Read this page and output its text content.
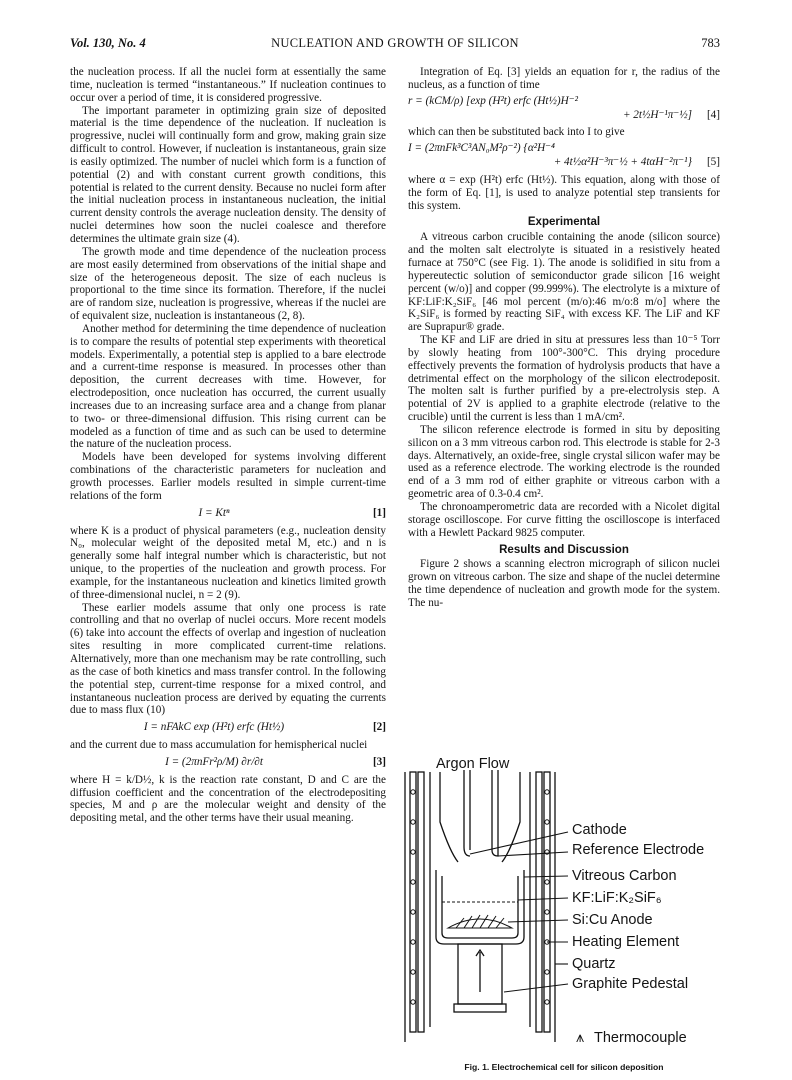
Vol. 130, No. 4	NUCLEATION AND GROWTH OF SILICON	783

the nucleation process. If all the nuclei form at essentially the same time, nucleation is termed “instantaneous.” If nucleation continues to occur over a period of time, it is considered progressive.

The important parameter in optimizing grain size of deposited material is the time dependence of the nucleation. If nucleation is progressive, nuclei will continually form and grow, making grain size difficult to control. However, if nucleation is instantaneous, grain size is easily optimized. The number of nuclei which form is a function of potential (2) and with constant current growth conditions, this potential is related to the current density. Because no nuclei form after the initial nucleation process in instantaneous nucleation, the initial current density controls the average nucleation density. The density of nuclei determines how soon the nuclei coalesce and therefore determines the ultimate grain size (4).

The growth mode and time dependence of the nucleation process are most easily determined from observations of the initial shape and size of the heterogeneous deposit. The size of each nucleus is proportional to the time since its formation. Therefore, if the nuclei are of random size, nucleation is progressive, whereas if the nuclei are of equivalent size, nucleation is instantaneous (2, 8).

Another method for determining the time dependence of nucleation is to compare the results of potential step experiments with theoretical models. Experimentally, a potential step is applied to a bare electrode and a current-time response is measured. In processes other than deposition, the current decreases with time. However, for electrodeposition, once nucleation has occurred, the current usually increases due to an increasing surface area and a change from planar to two- or three-dimensional diffusion. This rising current can be modeled as a function of time and as such can be used to determine the nature of the nucleation process.

Models have been developed for systems involving different combinations of the characteristic parameters for nucleation and growth processes. Earlier models resulted in simple current-time relations of the form

I = Ktⁿ	[1]

where K is a product of physical parameters (e.g., nucleation density N₀, molecular weight of the deposited metal M, etc.) and n is generally some half integral number which is characteristic, but not unique, to the properties of the nucleation and growth process. For example, for the instantaneous nucleation and kinetics limited growth of three-dimensional nuclei, n = 2 (9).

These earlier models assume that only one process is rate controlling and that no overlap of nuclei occurs. More recent models (6) take into account the effects of overlap and ingestion of nucleation sites resulting in more complicated current-time relations. Alternatively, more than one mechanism may be rate controlling, such as the case of both kinetics and mass transfer control. In the following the potential step, current-time response for a mixed control, and instantaneous nucleation process are derived by equating the currents due to mass flux (10)

I = nFAkC exp (H²t) erfc (Ht½)	[2]

and the current due to mass accumulation for hemispherical nuclei

I = (2πnFr²ρ/M) ∂r/∂t	[3]

where H = k/D½, k is the reaction rate constant, D and C are the diffusion coefficient and the concentration of the electrodepositing species, M and ρ are the molecular weight and density of the depositing metal, and the other terms have their usual meaning.

Integration of Eq. [3] yields an equation for r, the radius of the nucleus, as a function of time

r = (kCM/ρ) [exp (H²t) erfc (Ht½)H⁻²
+ 2t½H⁻¹π⁻½]	[4]

which can then be substituted back into I to give

I = (2πnFk³C³AN₀M²ρ⁻²) {α²H⁻⁴
+ 4t½α²H⁻³π⁻½ + 4tαH⁻²π⁻¹}	[5]

where α = exp (H²t) erfc (Ht½). This equation, along with those of the form of Eq. [1], is used to analyze potential step transients for this system.

Experimental

A vitreous carbon crucible containing the anode (silicon source) and the molten salt electrolyte is situated in a resistively heated furnace at 750°C (see Fig. 1). The anode is solidified in situ from a hypereutectic solution of semiconductor grade silicon [16 weight percent (w/o)] and copper (99.999%). The electrolyte is a mixture of KF:LiF:K₂SiF₆ [46 mol percent (m/o):46 m/o:8 m/o] where the K₂SiF₆ is formed by reacting SiF₄ with excess KF. The LiF and KF are Suprapur® grade.

The KF and LiF are dried in situ at pressures less than 10⁻⁵ Torr by slowly heating from 100°-300°C. This drying procedure effectively prevents the formation of hydrolysis products that have a detrimental effect on the morphology of the silicon electrodeposit. The molten salt is further purified by a pre-electrolysis step. A potential of 2V is applied to a graphite electrode (relative to the crucible) until the current is less than 1 mA/cm².

The silicon reference electrode is formed in situ by depositing silicon on a 3 mm vitreous carbon rod. This electrode is stable for 2-3 days. Alternatively, an oxide-free, single crystal silicon wafer may be used as a reference electrode. The working electrode is the rounded end of a 3 mm rod of either graphite or vitreous carbon with a geometric area of 0.3-0.4 cm².

The chronoamperometric data are recorded with a Nicolet digital storage oscilloscope. For curve fitting the oscilloscope is interfaced with a Hewlett Packard 9825 computer.

Results and Discussion

Figure 2 shows a scanning electron micrograph of silicon nuclei grown on vitreous carbon. The size and shape of the nuclei determine the time dependence of nucleation and growth mode for the system. The nu-

Argon Flow
Cathode
Reference Electrode
Vitreous Carbon
KF:LiF:K₂SiF₆
Si:Cu Anode
Heating Element
Quartz
Graphite Pedestal
⩚ Thermocouple
Fig. 1. Electrochemical cell for silicon deposition
